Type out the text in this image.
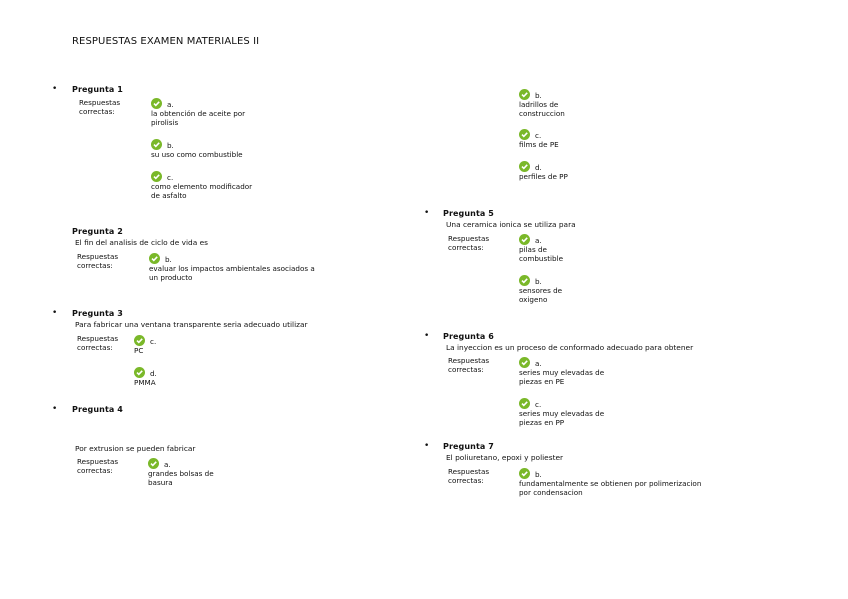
RESPUESTAS EXAMEN MATERIALES II
• Pregunta 1
Respuestas
correctas:
a.
la obtención de aceite por
pirolisis
b.
su uso como combustible
c.
como elemento modificador
de asfalto
Pregunta 2
El fin del analisis de ciclo de vida es
Respuestas
correctas:
b.
evaluar los impactos ambientales asociados a
un producto
• Pregunta 3
Para fabricar una ventana transparente seria adecuado utilizar
Respuestas
correctas:
c.
PC
d.
PMMA
• Pregunta 4
Por extrusion se pueden fabricar
Respuestas
correctas:
a.
grandes bolsas de
basura
b.
ladrillos de
construccion
c.
films de PE
d.
perfiles de PP
• Pregunta 5
Una ceramica ionica se utiliza para
Respuestas
correctas:
a.
pilas de
combustible
b.
sensores de
oxigeno
• Pregunta 6
La inyeccion es un proceso de conformado adecuado para obtener
Respuestas
correctas:
a.
series muy elevadas de
piezas en PE
c.
series muy elevadas de
piezas en PP
• Pregunta 7
El poliuretano, epoxi y poliester
Respuestas
correctas:
b.
fundamentalmente se obtienen por polimerizacion
por condensacion
